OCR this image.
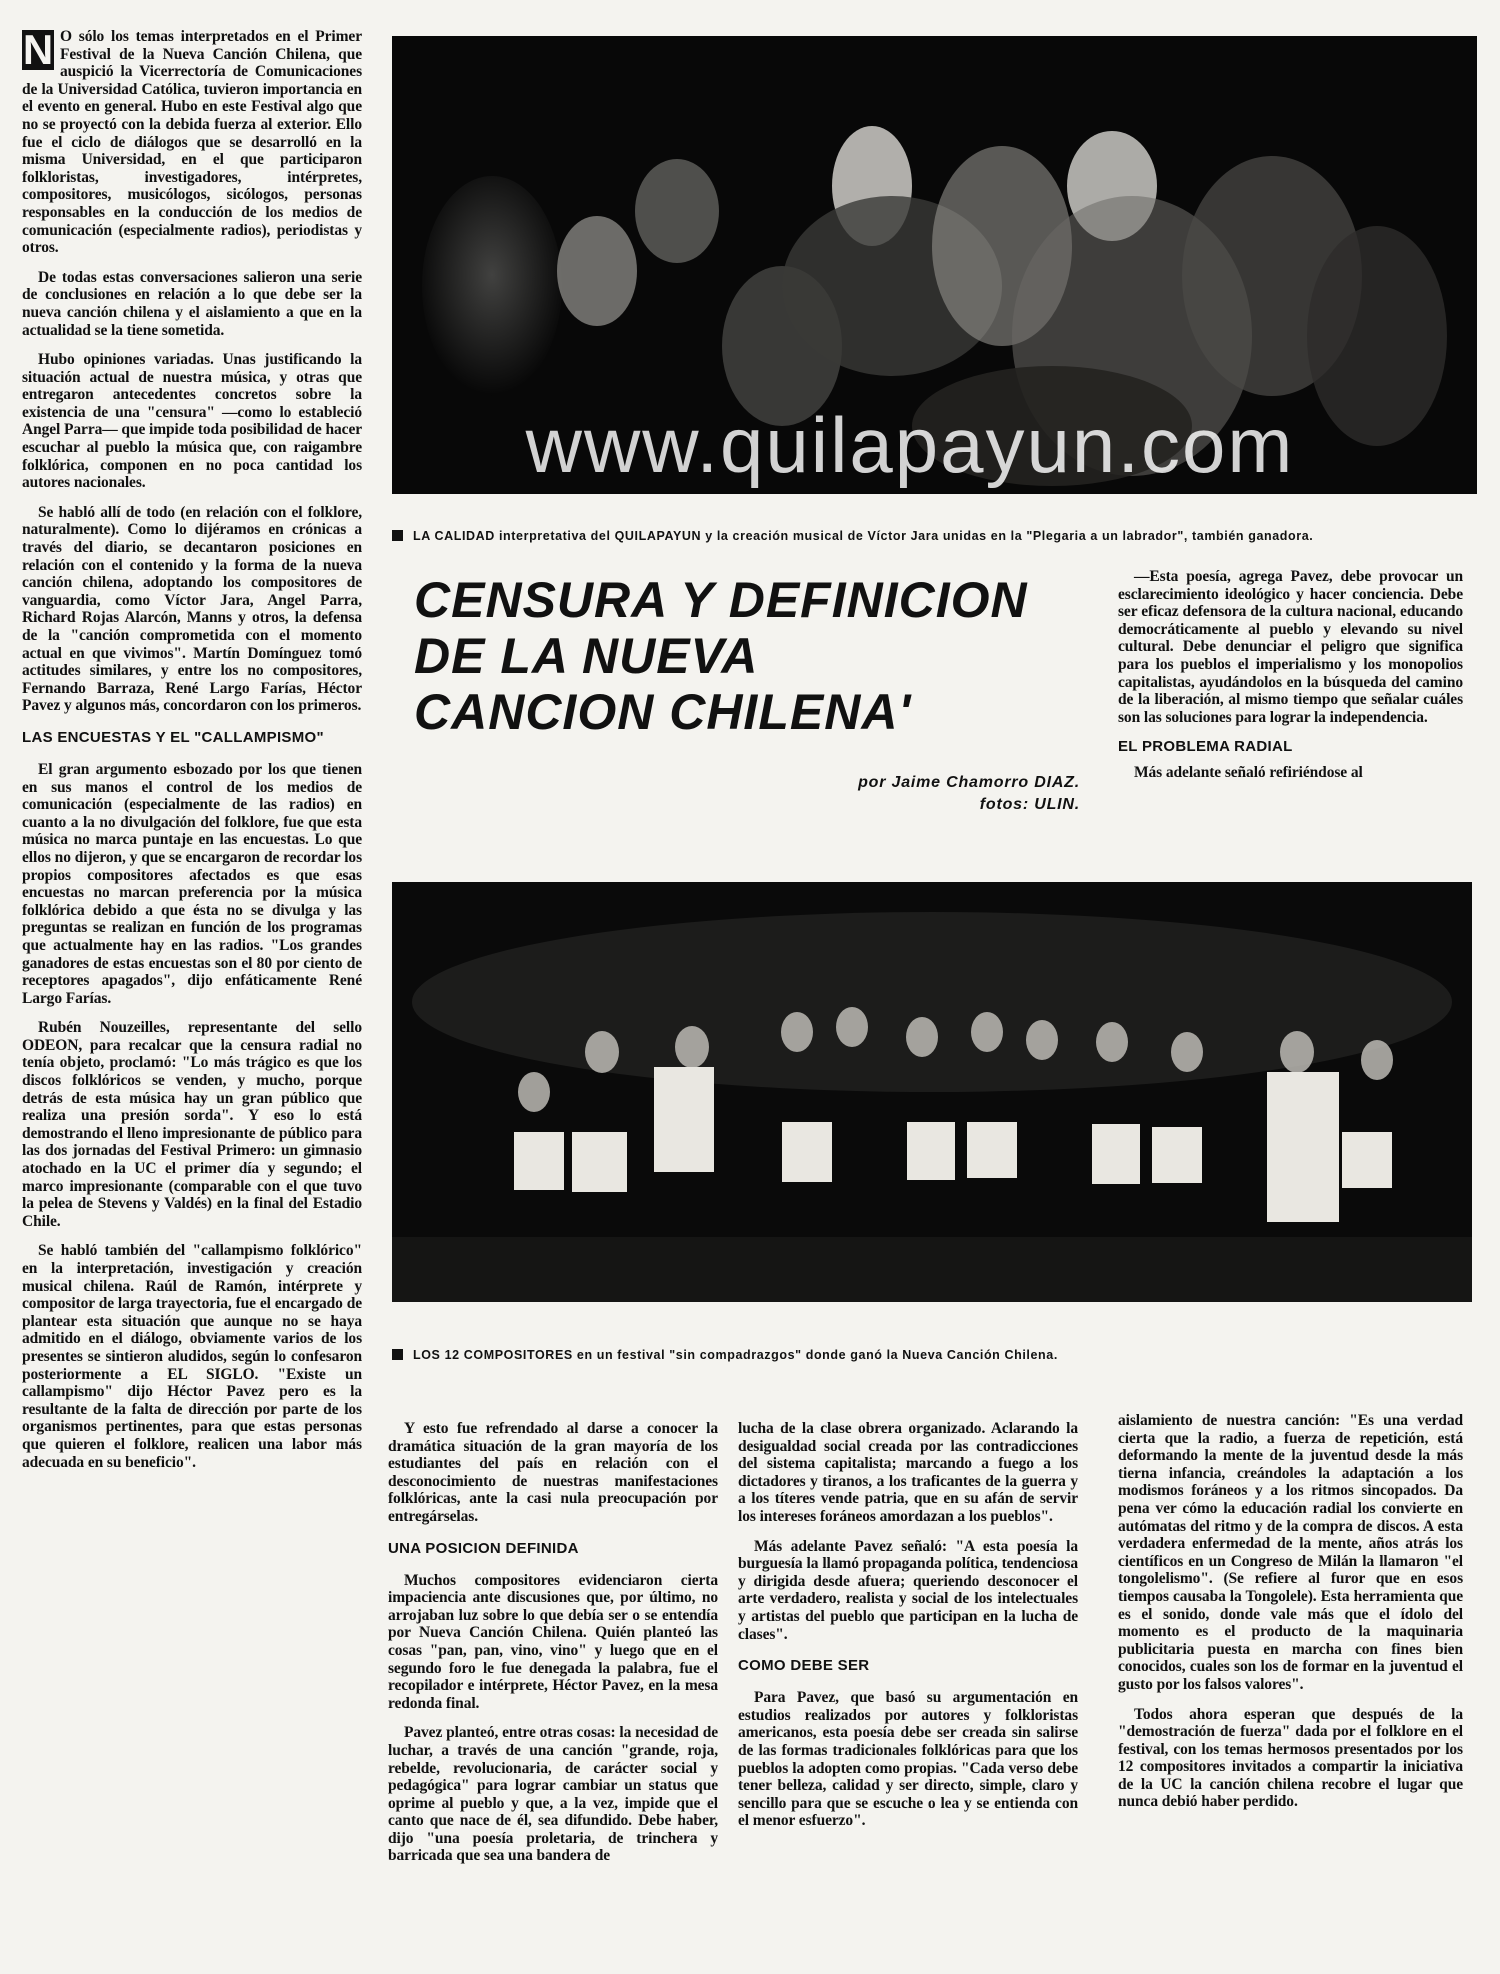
N O sólo los temas interpretados en el Primer Festival de la Nueva Canción Chilena, que auspició la Vicerrectoría de Comunicaciones de la Universidad Católica, tuvieron importancia en el evento en general. Hubo en este Festival algo que no se proyectó con la debida fuerza al exterior. Ello fue el ciclo de diálogos que se desarrolló en la misma Universidad, en el que participaron folkloristas, investigadores, intérpretes, compositores, musicólogos, sicólogos, personas responsables en la conducción de los medios de comunicación (especialmente radios), periodistas y otros.

De todas estas conversaciones salieron una serie de conclusiones en relación a lo que debe ser la nueva canción chilena y el aislamiento a que en la actualidad se la tiene sometida.

Hubo opiniones variadas. Unas justificando la situación actual de nuestra música, y otras que entregaron antecedentes concretos sobre la existencia de una "censura" —como lo estableció Angel Parra— que impide toda posibilidad de hacer escuchar al pueblo la música que, con raigambre folklórica, componen en no poca cantidad los autores nacionales.

Se habló allí de todo (en relación con el folklore, naturalmente). Como lo dijéramos en crónicas a través del diario, se decantaron posiciones en relación con el contenido y la forma de la nueva canción chilena, adoptando los compositores de vanguardia, como Víctor Jara, Angel Parra, Richard Rojas Alarcón, Manns y otros, la defensa de la "canción comprometida con el momento actual en que vivimos". Martín Domínguez tomó actitudes similares, y entre los no compositores, Fernando Barraza, René Largo Farías, Héctor Pavez y algunos más, concordaron con los primeros.

LAS ENCUESTAS Y EL "CALLAMPISMO"

El gran argumento esbozado por los que tienen en sus manos el control de los medios de comunicación (especialmente de las radios) en cuanto a la no divulgación del folklore, fue que esta música no marca puntaje en las encuestas. Lo que ellos no dijeron, y que se encargaron de recordar los propios compositores afectados es que esas encuestas no marcan preferencia por la música folklórica debido a que ésta no se divulga y las preguntas se realizan en función de los programas que actualmente hay en las radios. "Los grandes ganadores de estas encuestas son el 80 por ciento de receptores apagados", dijo enfáticamente René Largo Farías.

Rubén Nouzeilles, representante del sello ODEON, para recalcar que la censura radial no tenía objeto, proclamó: "Lo más trágico es que los discos folklóricos se venden, y mucho, porque detrás de esta música hay un gran público que realiza una presión sorda". Y eso lo está demostrando el lleno impresionante de público para las dos jornadas del Festival Primero: un gimnasio atochado en la UC el primer día y segundo; el marco impresionante (comparable con el que tuvo la pelea de Stevens y Valdés) en la final del Estadio Chile.

Se habló también del "callampismo folklórico" en la interpretación, investigación y creación musical chilena. Raúl de Ramón, intérprete y compositor de larga trayectoria, fue el encargado de plantear esta situación que aunque no se haya admitido en el diálogo, obviamente varios de los presentes se sintieron aludidos, según lo confesaron posteriormente a EL SIGLO. "Existe un callampismo" dijo Héctor Pavez pero es la resultante de la falta de dirección por parte de los organismos pertinentes, para que estas personas que quieren el folklore, realicen una labor más adecuada en su beneficio".

www.quilapayun.com
LA CALIDAD interpretativa del QUILAPAYUN y la creación musical de Víctor Jara unidas en la "Plegaria a un labrador", también ganadora.
CENSURA Y DEFINICION
DE LA NUEVA
CANCION CHILENA'
por Jaime Chamorro DIAZ.
fotos: ULIN.

—Esta poesía, agrega Pavez, debe provocar un esclarecimiento ideológico y hacer conciencia. Debe ser eficaz defensora de la cultura nacional, educando democráticamente al pueblo y elevando su nivel cultural. Debe denunciar el peligro que significa para los pueblos el imperialismo y los monopolios capitalistas, ayudándolos en la búsqueda del camino de la liberación, al mismo tiempo que señalar cuáles son las soluciones para lograr la independencia.

EL PROBLEMA RADIAL

Más adelante señaló refiriéndose al

LOS 12 COMPOSITORES en un festival "sin compadrazgos" donde ganó la Nueva Canción Chilena.

Y esto fue refrendado al darse a conocer la dramática situación de la gran mayoría de los estudiantes del país en relación con el desconocimiento de nuestras manifestaciones folklóricas, ante la casi nula preocupación por entregárselas.

UNA POSICION DEFINIDA

Muchos compositores evidenciaron cierta impaciencia ante discusiones que, por último, no arrojaban luz sobre lo que debía ser o se entendía por Nueva Canción Chilena. Quién planteó las cosas "pan, pan, vino, vino" y luego que en el segundo foro le fue denegada la palabra, fue el recopilador e intérprete, Héctor Pavez, en la mesa redonda final.

Pavez planteó, entre otras cosas: la necesidad de luchar, a través de una canción "grande, roja, rebelde, revolucionaria, de carácter social y pedagógica" para lograr cambiar un status que oprime al pueblo y que, a la vez, impide que el canto que nace de él, sea difundido. Debe haber, dijo "una poesía proletaria, de trinchera y barricada que sea una bandera de

lucha de la clase obrera organizado. Aclarando la desigualdad social creada por las contradicciones del sistema capitalista; marcando a fuego a los dictadores y tiranos, a los traficantes de la guerra y a los títeres vende patria, que en su afán de servir los intereses foráneos amordazan a los pueblos".

Más adelante Pavez señaló: "A esta poesía la burguesía la llamó propaganda política, tendenciosa y dirigida desde afuera; queriendo desconocer el arte verdadero, realista y social de los intelectuales y artistas del pueblo que participan en la lucha de clases".

COMO DEBE SER

Para Pavez, que basó su argumentación en estudios realizados por autores y folkloristas americanos, esta poesía debe ser creada sin salirse de las formas tradicionales folklóricas para que los pueblos la adopten como propias. "Cada verso debe tener belleza, calidad y ser directo, simple, claro y sencillo para que se escuche o lea y se entienda con el menor esfuerzo".

aislamiento de nuestra canción: "Es una verdad cierta que la radio, a fuerza de repetición, está deformando la mente de la juventud desde la más tierna infancia, creándoles la adaptación a los modismos foráneos y a los ritmos sincopados. Da pena ver cómo la educación radial los convierte en autómatas del ritmo y de la compra de discos. A esta verdadera enfermedad de la mente, años atrás los científicos en un Congreso de Milán la llamaron "el tongolelismo". (Se refiere al furor que en esos tiempos causaba la Tongolele). Esta herramienta que es el sonido, donde vale más que el ídolo del momento es el producto de la maquinaria publicitaria puesta en marcha con fines bien conocidos, cuales son los de formar en la juventud el gusto por los falsos valores".

Todos ahora esperan que después de la "demostración de fuerza" dada por el folklore en el festival, con los temas hermosos presentados por los 12 compositores invitados a compartir la iniciativa de la UC la canción chilena recobre el lugar que nunca debió haber perdido.
